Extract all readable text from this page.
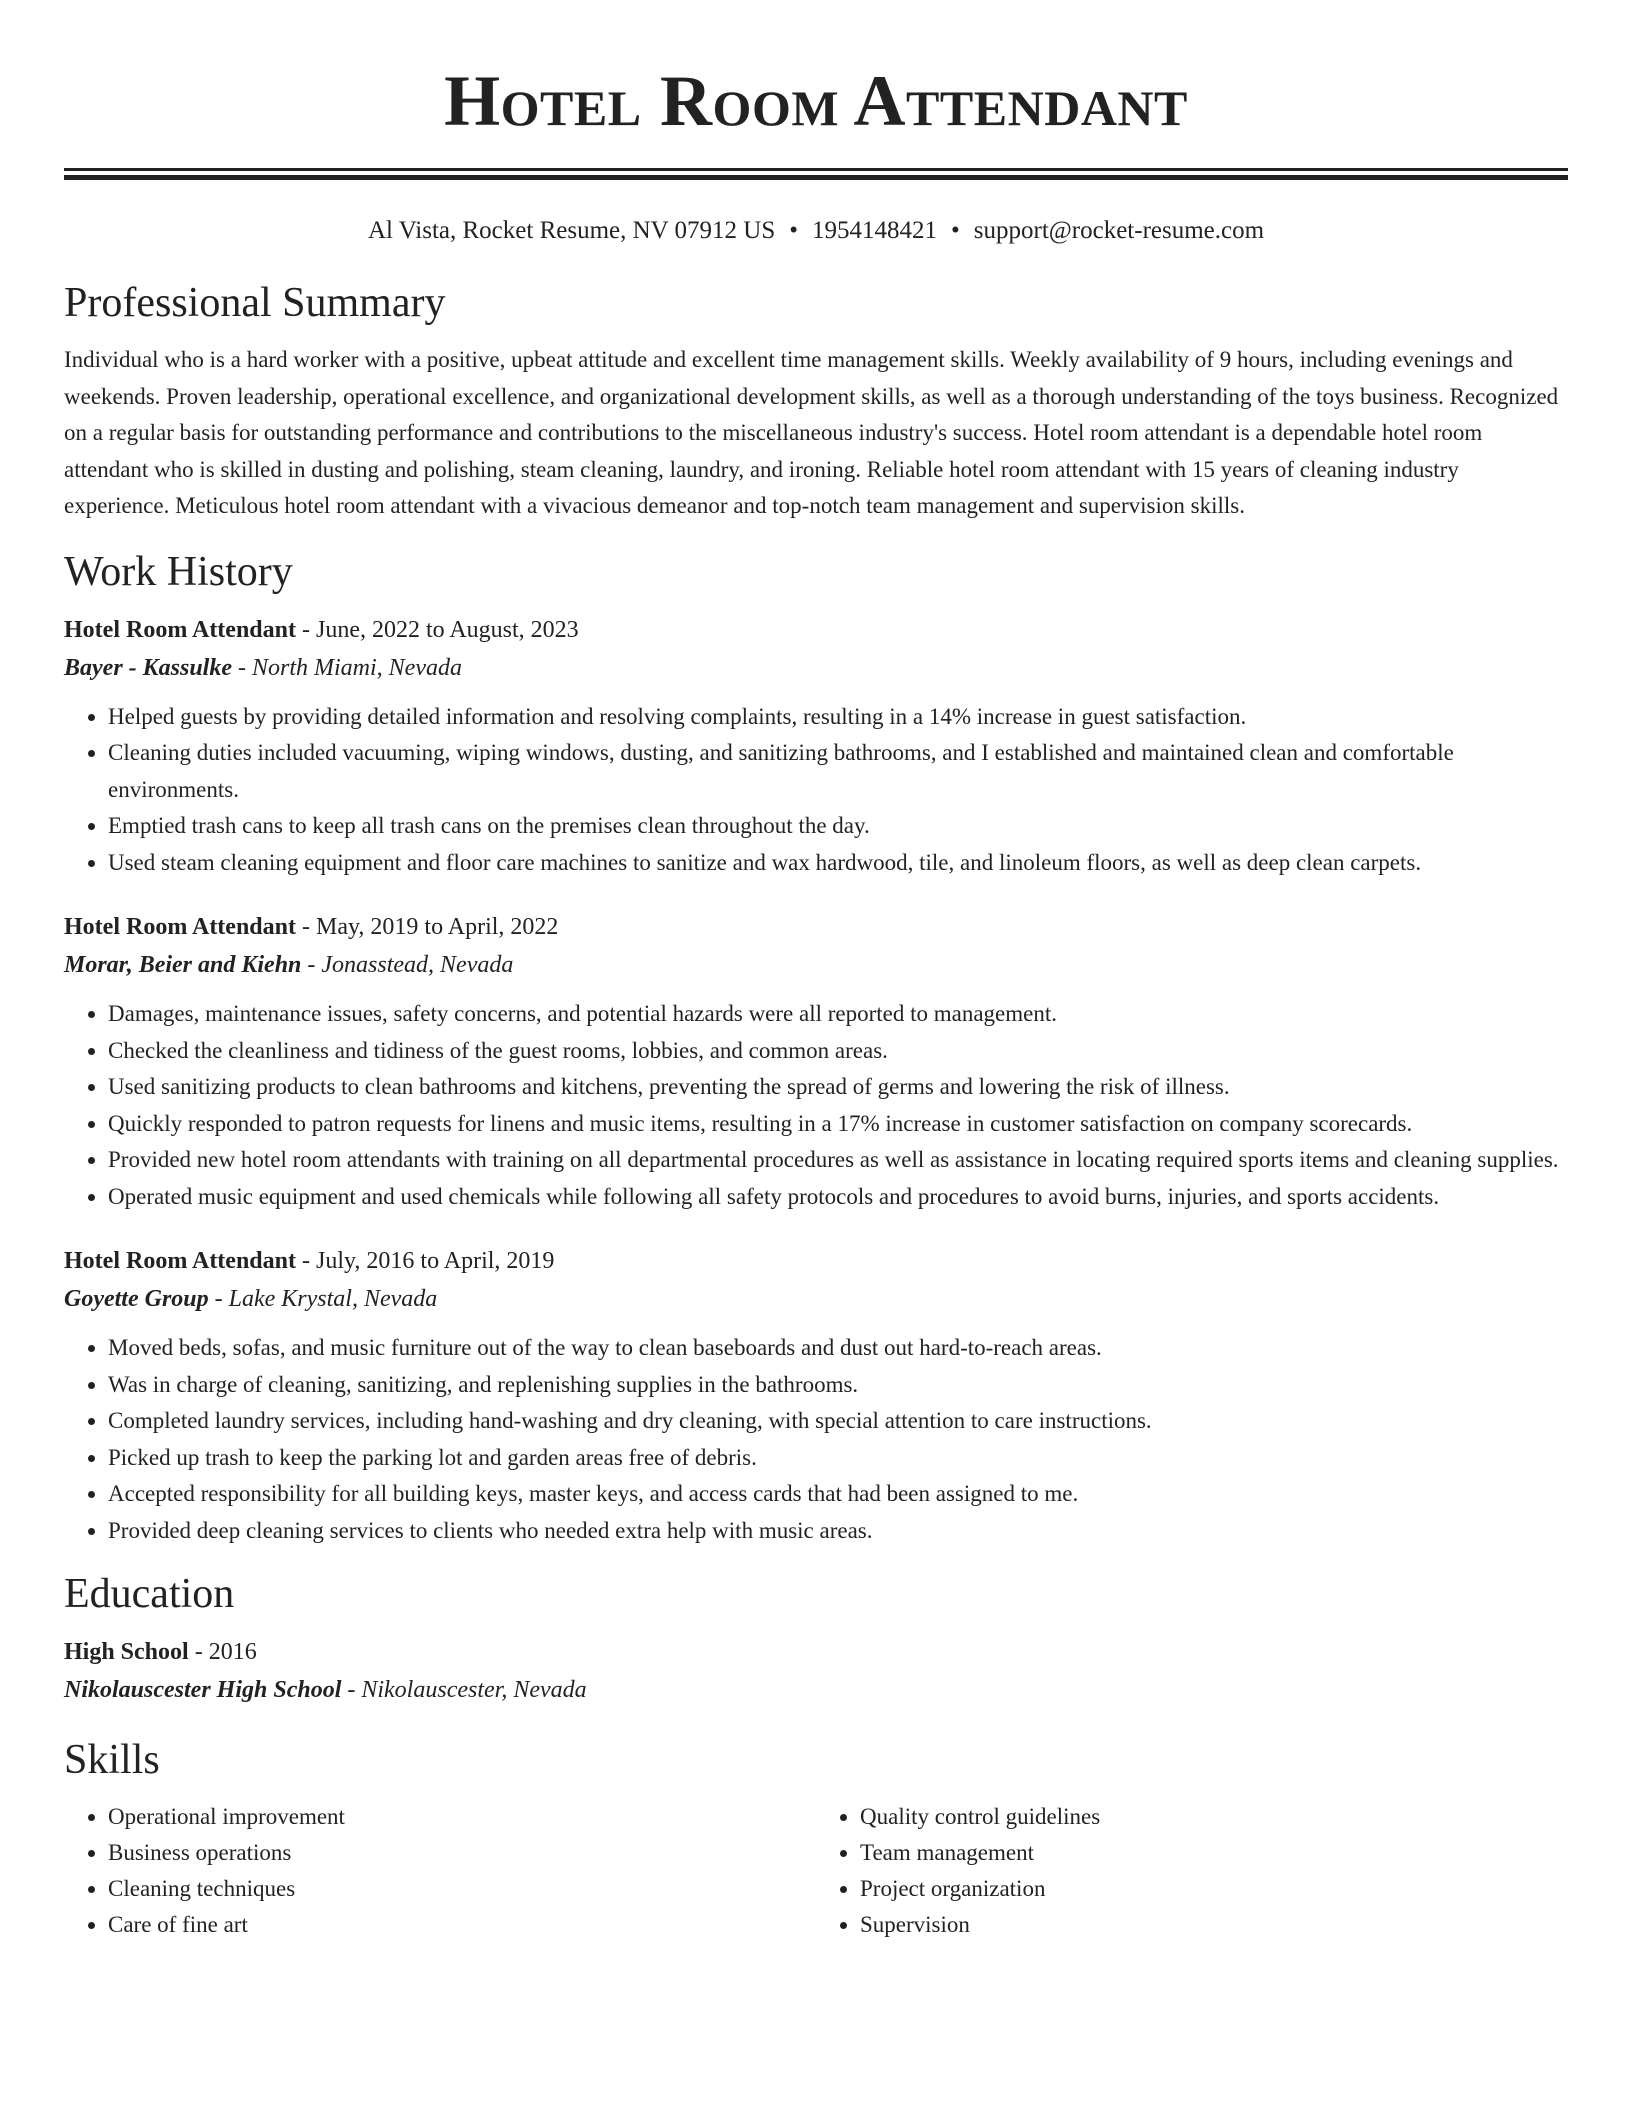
Hotel Room Attendant
Al Vista, Rocket Resume, NV 07912 US • 1954148421 • support@rocket-resume.com
Professional Summary

Individual who is a hard worker with a positive, upbeat attitude and excellent time management skills. Weekly availability of 9 hours, including evenings and weekends. Proven leadership, operational excellence, and organizational development skills, as well as a thorough understanding of the toys business. Recognized on a regular basis for outstanding performance and contributions to the miscellaneous industry's success. Hotel room attendant is a dependable hotel room attendant who is skilled in dusting and polishing, steam cleaning, laundry, and ironing. Reliable hotel room attendant with 15 years of cleaning industry experience. Meticulous hotel room attendant with a vivacious demeanor and top-notch team management and supervision skills.

Work History
Hotel Room Attendant - June, 2022 to August, 2023
Bayer - Kassulke - North Miami, Nevada
• Helped guests by providing detailed information and resolving complaints, resulting in a 14% increase in guest satisfaction.
• Cleaning duties included vacuuming, wiping windows, dusting, and sanitizing bathrooms, and I established and maintained clean and comfortable environments.
• Emptied trash cans to keep all trash cans on the premises clean throughout the day.
• Used steam cleaning equipment and floor care machines to sanitize and wax hardwood, tile, and linoleum floors, as well as deep clean carpets.
Hotel Room Attendant - May, 2019 to April, 2022
Morar, Beier and Kiehn - Jonasstead, Nevada
• Damages, maintenance issues, safety concerns, and potential hazards were all reported to management.
• Checked the cleanliness and tidiness of the guest rooms, lobbies, and common areas.
• Used sanitizing products to clean bathrooms and kitchens, preventing the spread of germs and lowering the risk of illness.
• Quickly responded to patron requests for linens and music items, resulting in a 17% increase in customer satisfaction on company scorecards.
• Provided new hotel room attendants with training on all departmental procedures as well as assistance in locating required sports items and cleaning supplies.
• Operated music equipment and used chemicals while following all safety protocols and procedures to avoid burns, injuries, and sports accidents.
Hotel Room Attendant - July, 2016 to April, 2019
Goyette Group - Lake Krystal, Nevada
• Moved beds, sofas, and music furniture out of the way to clean baseboards and dust out hard-to-reach areas.
• Was in charge of cleaning, sanitizing, and replenishing supplies in the bathrooms.
• Completed laundry services, including hand-washing and dry cleaning, with special attention to care instructions.
• Picked up trash to keep the parking lot and garden areas free of debris.
• Accepted responsibility for all building keys, master keys, and access cards that had been assigned to me.
• Provided deep cleaning services to clients who needed extra help with music areas.
Education
High School - 2016
Nikolauscester High School - Nikolauscester, Nevada
Skills
• Operational improvement
• Business operations
• Cleaning techniques
• Care of fine art
• Quality control guidelines
• Team management
• Project organization
• Supervision
